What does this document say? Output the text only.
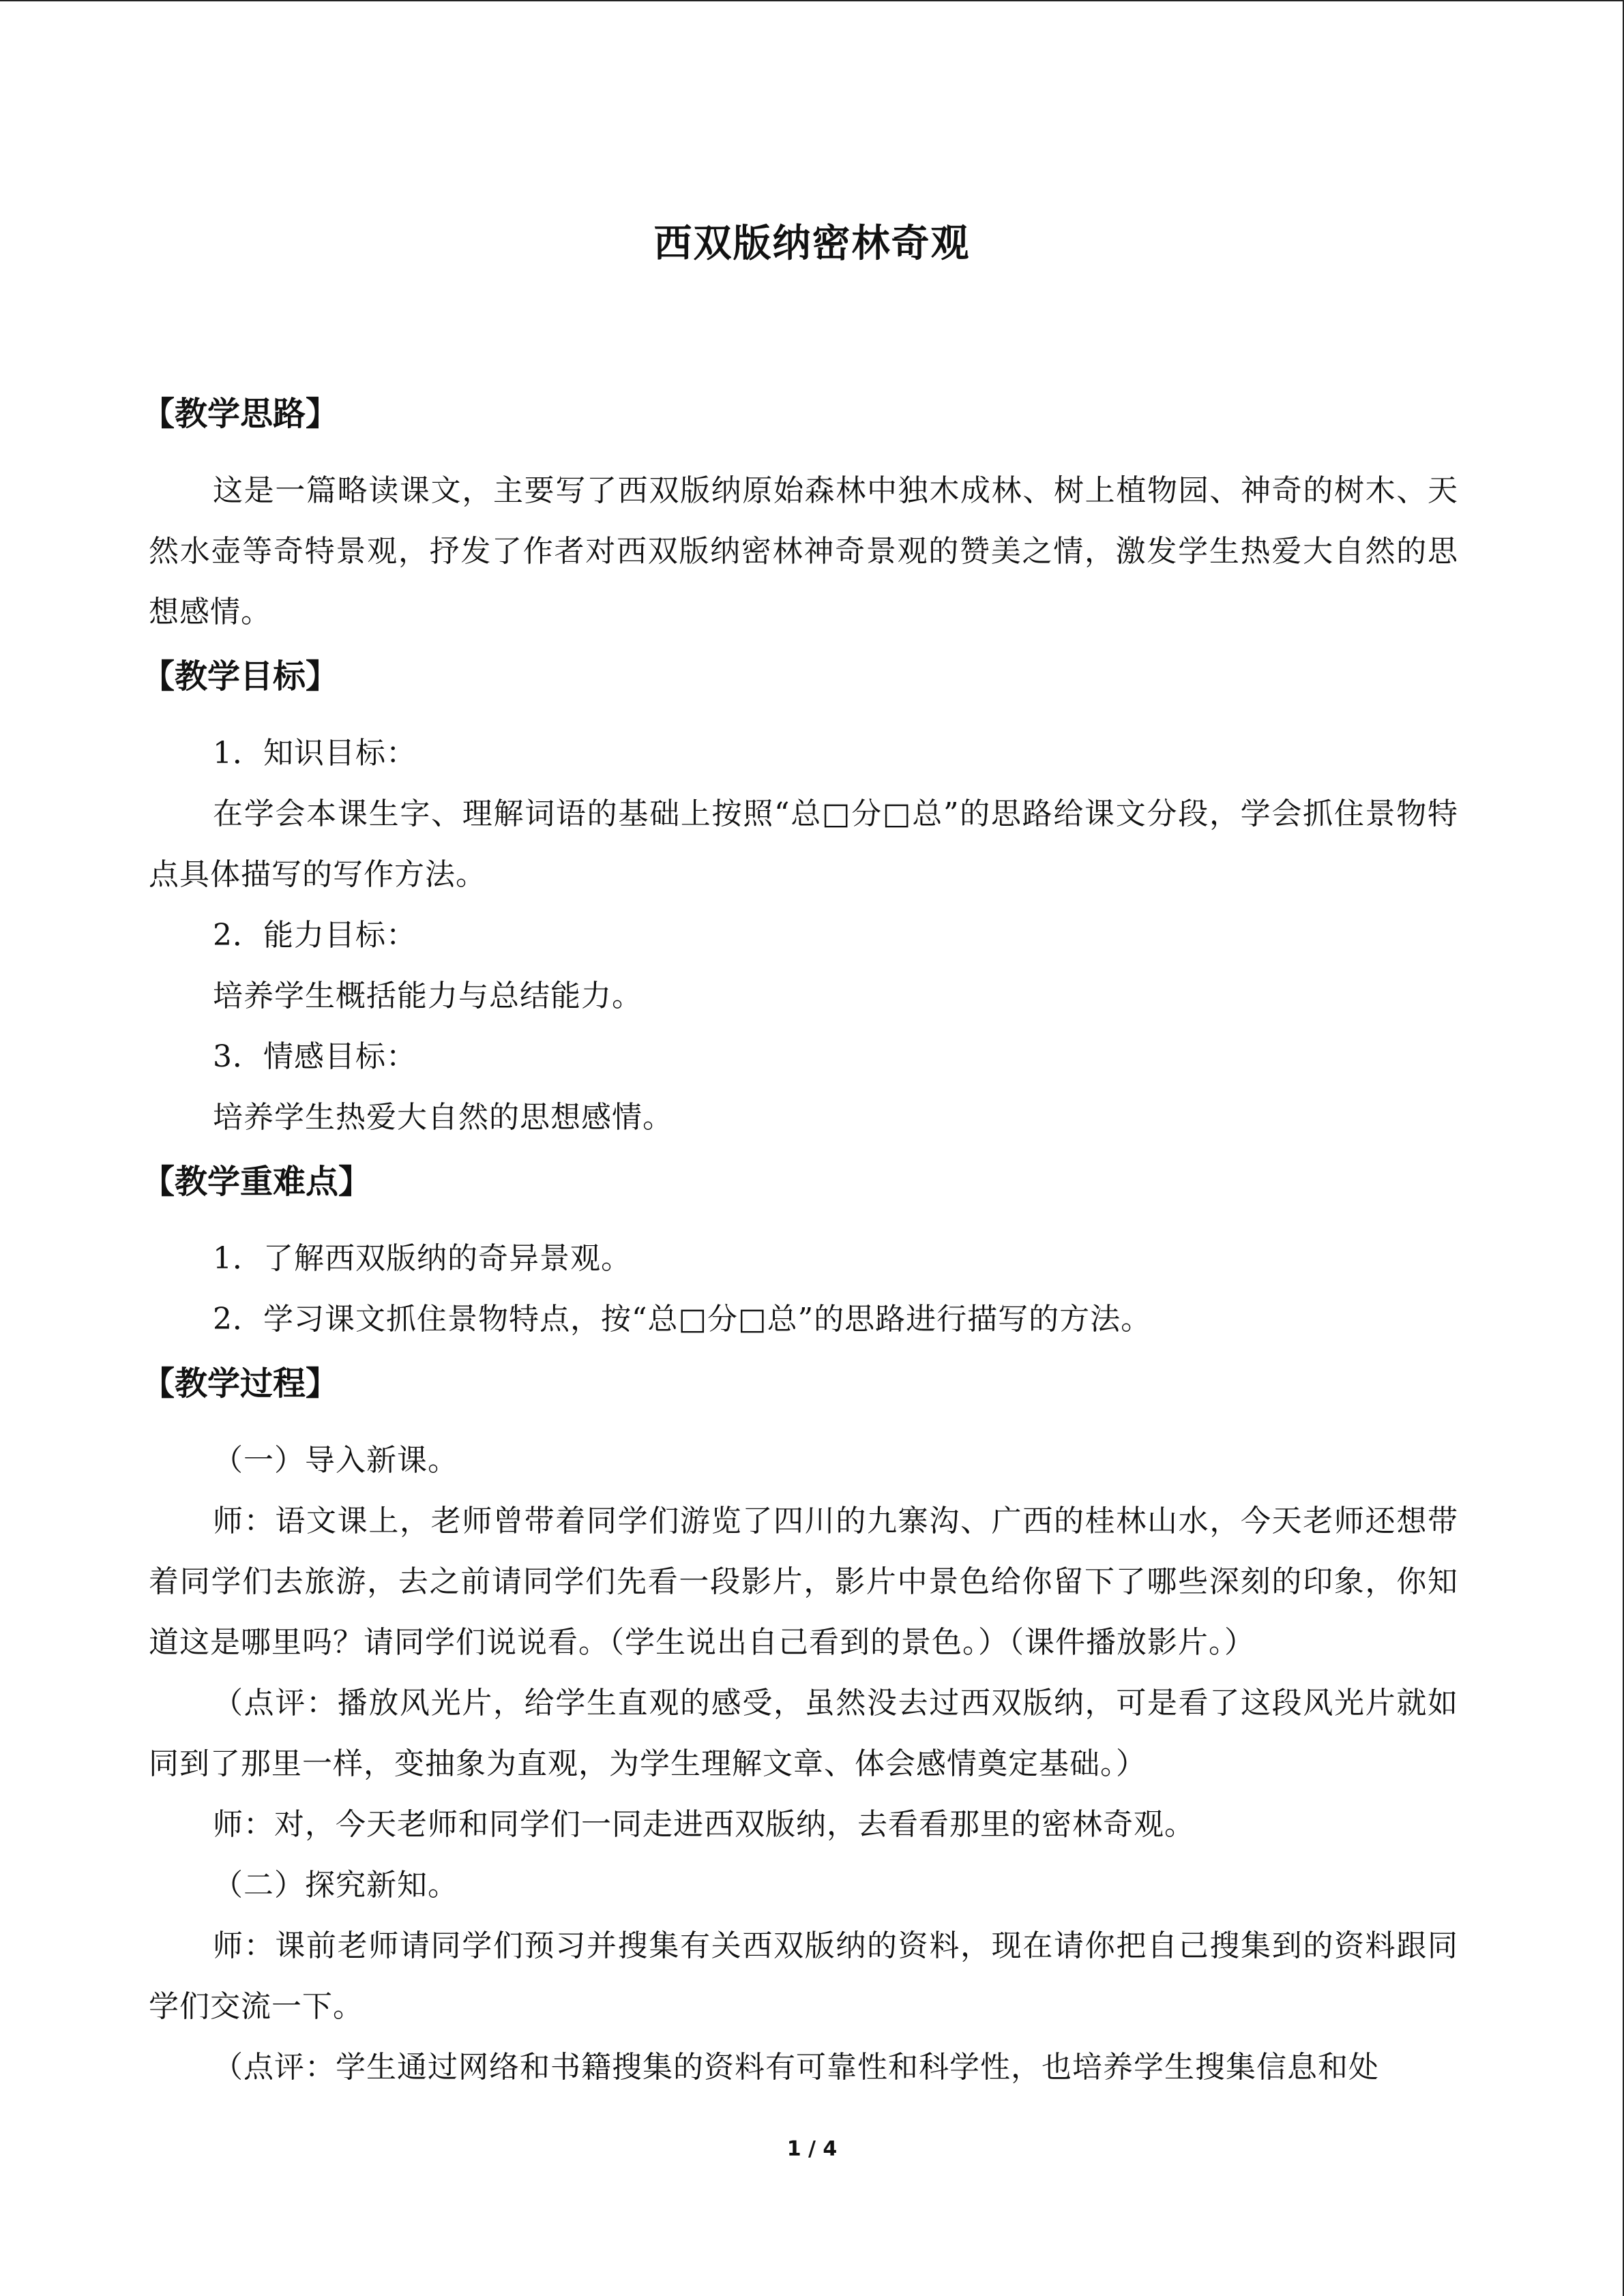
西双版纳密林奇观
【教学思路】

这是一篇略读课文，主要写了西双版纳原始森林中独木成林、树上植物园、神奇的树木、天然水壶等奇特景观，抒发了作者对西双版纳密林神奇景观的赞美之情，激发学生热爱大自然的思想感情。

【教学目标】

1．知识目标：

在学会本课生字、理解词语的基础上按照“总□分□总”的思路给课文分段，学会抓住景物特点具体描写的写作方法。

2．能力目标：

培养学生概括能力与总结能力。

3．情感目标：

培养学生热爱大自然的思想感情。

【教学重难点】

1．了解西双版纳的奇异景观。

2．学习课文抓住景物特点，按“总□分□总”的思路进行描写的方法。

【教学过程】

（一）导入新课。

师：语文课上，老师曾带着同学们游览了四川的九寨沟、广西的桂林山水，今天老师还想带着同学们去旅游，去之前请同学们先看一段影片，影片中景色给你留下了哪些深刻的印象，你知道这是哪里吗？请同学们说说看。（学生说出自己看到的景色。）（课件播放影片。）

（点评：播放风光片，给学生直观的感受，虽然没去过西双版纳，可是看了这段风光片就如同到了那里一样，变抽象为直观，为学生理解文章、体会感情奠定基础。）

师：对，今天老师和同学们一同走进西双版纳，去看看那里的密林奇观。

（二）探究新知。

师：课前老师请同学们预习并搜集有关西双版纳的资料，现在请你把自己搜集到的资料跟同学们交流一下。

（点评：学生通过网络和书籍搜集的资料有可靠性和科学性，也培养学生搜集信息和处

1 / 4
